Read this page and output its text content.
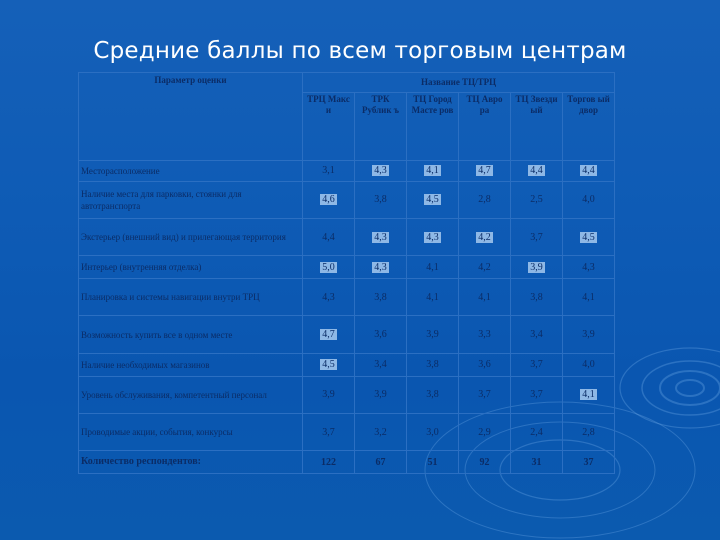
Средние баллы по всем торговым центрам
Параметр оценки	Название ТЦ/ТРЦ					
	ТРЦ Макс и	ТРК Рублик ъ	ТЦ Город Масте ров	ТЦ Авро ра	ТЦ Звезди ый	Торгов ый двор
Месторасположение	3,1	4,3	4,1	4,7	4,4	4,4
Наличие места для парковки, стоянки для автотранспорта	4,6	3,8	4,5	2,8	2,5	4,0
Экстерьер (внешний вид) и прилегающая территория	4,4	4,3	4,3	4,2	3,7	4,5
Интерьер (внутренняя отделка)	5,0	4,3	4,1	4,2	3,9	4,3
Планировка и системы навигации внутри ТРЦ	4,3	3,8	4,1	4,1	3,8	4,1
Возможность купить все в одном месте	4,7	3,6	3,9	3,3	3,4	3,9
Наличие необходимых магазинов	4,5	3,4	3,8	3,6	3,7	4,0
Уровень обслуживания, компетентный персонал	3,9	3,9	3,8	3,7	3,7	4,1
Проводимые акции, события, конкурсы	3,7	3,2	3,0	2,9	2,4	2,8
Количество респондентов:	122	67	51	92	31	37
